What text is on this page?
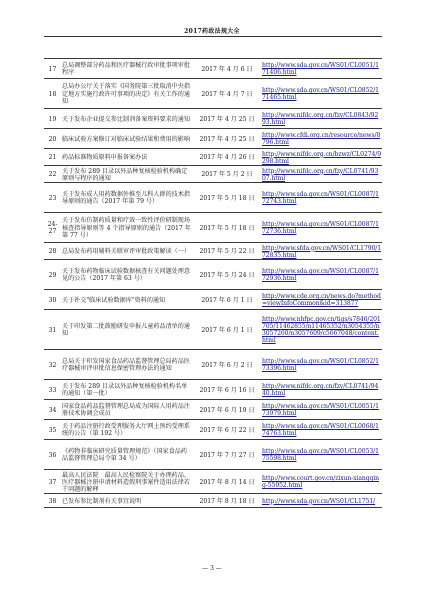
2017药政法规大全
17	总局调整部分药品和医疗器械行政审批事项审批程序	2017 年 4 月 6 日	http://www.sda.gov.cn/WS01/CL0051/171406.html
18	总局办公厅关于落实《国务院第三批取消中央指定地方实施行政许可事项的决定》有关工作的通知	2017 年 4 月 7 日	http://www.sda.gov.cn/WS01/CL0852/171465.html
19	关于发布企业提交参比制剂备案资料要求的通知	2017 年 4 月 25 日	http://www.nifdc.org.cn/fzy/CL0843/9293.html
20	临床试验方案修订对临床试验结果和费用的影响	2017 年 4 月 25 日	http://www.cfdi.org.cn/resource/news/8796.html
21	药品标准物质原料申报备案办法	2017 年 4 月 26 日	http://www.nifdc.org.cn/bzwz/CL0274/9298.html
22	关于发布 289 目录以外品种复核检验机构确定原则与程序的通知	2017 年 5 月 2 日	http://www.nifdc.org.cn/fzy/CL0741/9307.html
23	关于发布成人用药数据外推至儿科人群的技术指导原则的通告（2017 年第 79 号）	2017 年 5 月 18 日	http://www.sda.gov.cn/WS01/CL0087/172743.html
24-27	关于发布仿制药质量和疗效一致性评价研制现场核查指导原则等 4 个指导原则的通告（2017 年第 77 号）	2017 年 5 月 18 日	http://www.sda.gov.cn/WS01/CL0087/172736.html
28	总局发布药用辅料关联审评审批政策解读（一）	2017 年 5 月 22 日	http://www.sfda.gov.cn/WS01/CL1790/172835.html
29	关于发布药物临床试验数据核查有关问题处理意见的公告（2017 年第 63 号）	2017 年 5 月 24 日	http://www.sda.gov.cn/WS01/CL0087/172936.html
30	关于补交"临床试验数据库"资料的通知	2017 年 6 月 1 日	http://www.cde.org.cn/news.do?method=viewInfoCommon&id=313877
31	关于印发第二批鼓励研发申报儿童药品清单的通知	2017 年 6 月 1 日	http://www.nhfpc.gov.cn/tigs/s7846/201705/11462855/n11465352/n3054355/n3057260/n3057609/c5667048/content.html
32	总局关于印发国家食品药品监督管理总局药品医疗器械审评审批信息保密管理办法的通知	2017 年 6 月 2 日	http://www.sda.gov.cn/WS01/CL0852/173396.html
33	关于发布 289 目录以外品种复核检验机构名单的通知（第一批）	2017 年 6 月 16 日	http://www.nifdc.org.cn/fzy/CL0741/9440.html
34	国家食品药品监督管理总局成为国际人用药品注册技术协调会成员	2017 年 6 月 19 日	http://www.sda.gov.cn/WS01/CL0051/173979.html
35	关于药品注册行政受理服务大厅网上预约受理系统的公告（第 192 号）	2017 年 6 月 22 日	http://www.sda.gov.cn/WS01/CL0068/174763.html
36	《药物非临床研究质量管理规范》（国家食品药品监督管理总局令第 34 号）	2017 年 7 月 27 日	http://www.sda.gov.cn/WS01/CL0053/175598.html
37	最高人民法院　最高人民检察院关于办理药品、医疗器械注册申请材料造假刑事案件适用法律若干问题的解释	2017 年 8 月 14 日	http://www.court.gov.cn/zixun-xiangqing-55952.html
38	已发布参比制剂有关事宜说明	2017 年 8 月 18 日	http://www.sda.gov.cn/WS01/CL1751/
— 3 —
